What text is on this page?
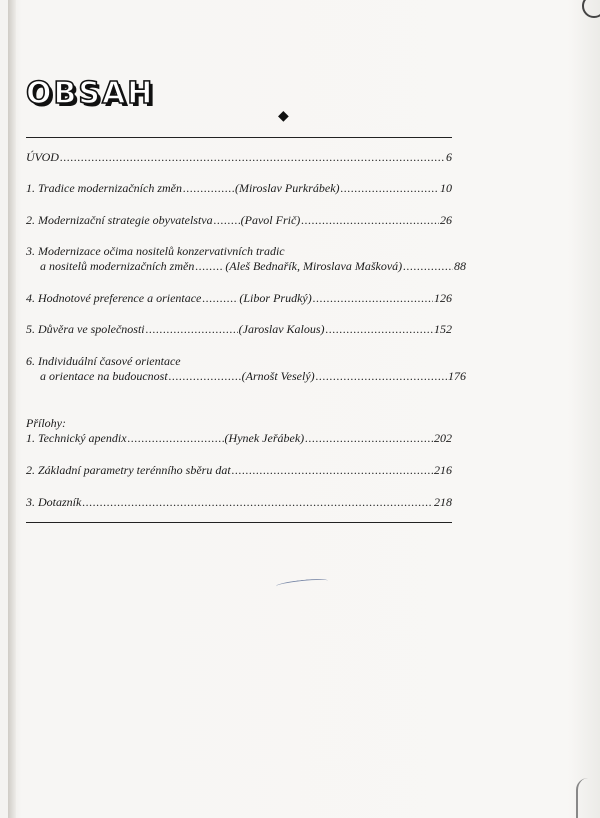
OBSAH
◆
ÚVOD .....	6
1. Tradice modernizačních změn .....	(Miroslav Purkrábek) .....	10
2. Modernizační strategie obyvatelstva ..... (Pavol Frič) .....	26
3. Modernizace očima nositelů konzervativních tradic
a nositelů modernizačních změn .....	(Aleš Bednařík, Miroslava Mašková) .....	88
4. Hodnotové preference a orientace .....	(Libor Prudký) .....	126
5. Důvěra ve společnosti .....	(Jaroslav Kalous) .....	152
6. Individuální časové orientace
a orientace na budoucnost .....	(Arnošt Veselý) .....	176
Přílohy:
1. Technický apendix .....	(Hynek Jeřábek) .....	202
2. Základní parametry terénního sběru dat .....	216
3. Dotazník .....	218
